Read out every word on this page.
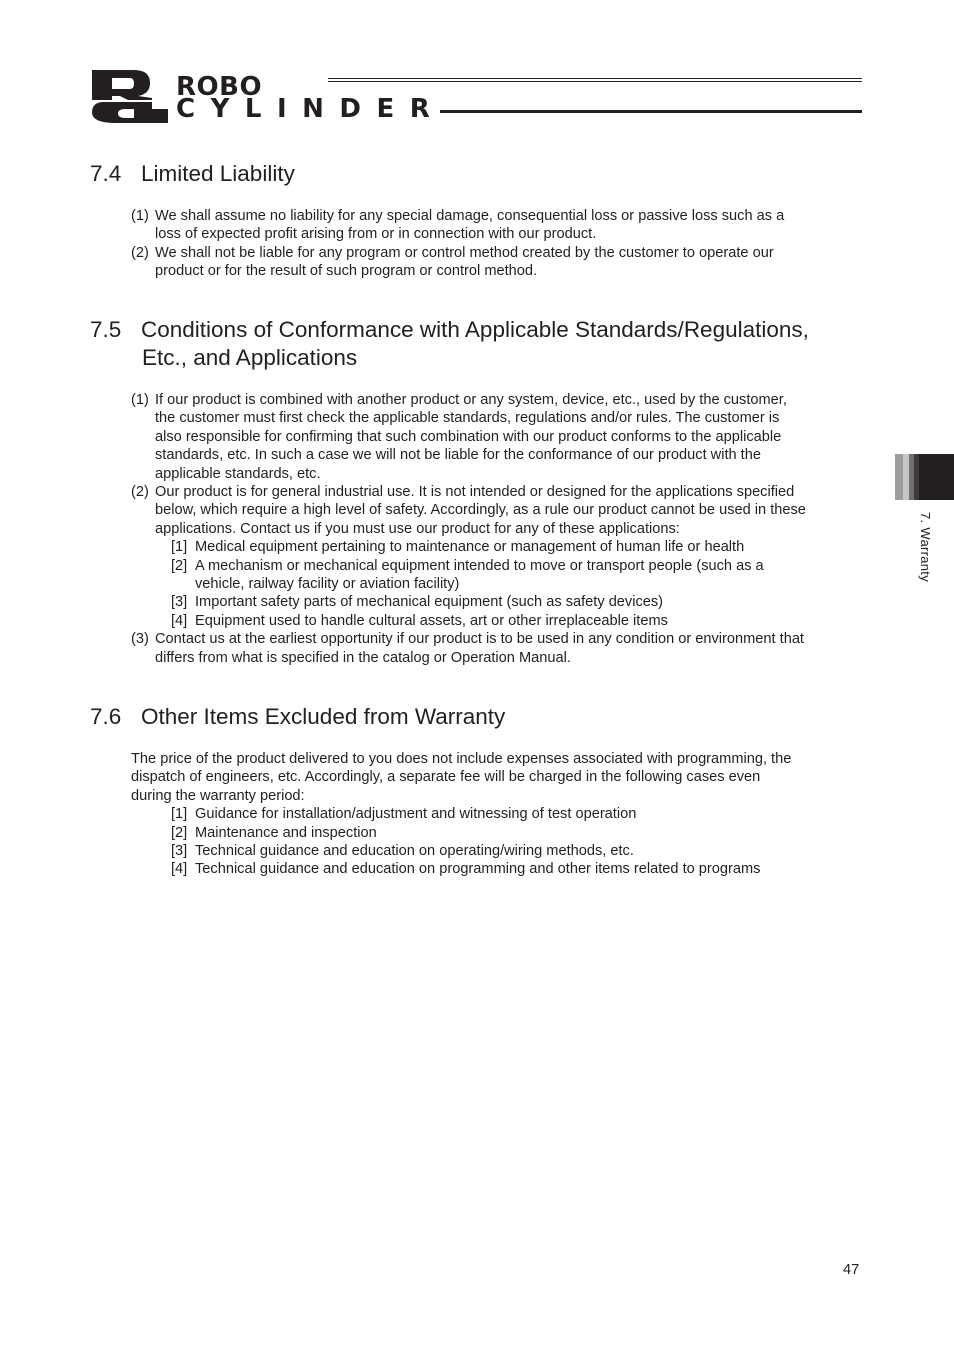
ROBO
CYLINDER
7.4 Limited Liability
(1) We shall assume no liability for any special damage, consequential loss or passive loss such as a
loss of expected profit arising from or in connection with our product.
(2) We shall not be liable for any program or control method created by the customer to operate our
product or for the result of such program or control method.
7.5 Conditions of Conformance with Applicable Standards/Regulations,
Etc., and Applications
(1) If our product is combined with another product or any system, device, etc., used by the customer,
the customer must first check the applicable standards, regulations and/or rules. The customer is
also responsible for confirming that such combination with our product conforms to the applicable
standards, etc. In such a case we will not be liable for the conformance of our product with the
applicable standards, etc.
(2) Our product is for general industrial use. It is not intended or designed for the applications specified
below, which require a high level of safety. Accordingly, as a rule our product cannot be used in these
applications. Contact us if you must use our product for any of these applications:
[1] Medical equipment pertaining to maintenance or management of human life or health
[2] A mechanism or mechanical equipment intended to move or transport people (such as a
vehicle, railway facility or aviation facility)
[3] Important safety parts of mechanical equipment (such as safety devices)
[4] Equipment used to handle cultural assets, art or other irreplaceable items
(3) Contact us at the earliest opportunity if our product is to be used in any condition or environment that
differs from what is specified in the catalog or Operation Manual.
7.6 Other Items Excluded from Warranty
The price of the product delivered to you does not include expenses associated with programming, the
dispatch of engineers, etc. Accordingly, a separate fee will be charged in the following cases even
during the warranty period:
[1] Guidance for installation/adjustment and witnessing of test operation
[2] Maintenance and inspection
[3] Technical guidance and education on operating/wiring methods, etc.
[4] Technical guidance and education on programming and other items related to programs
7. Warranty
47
